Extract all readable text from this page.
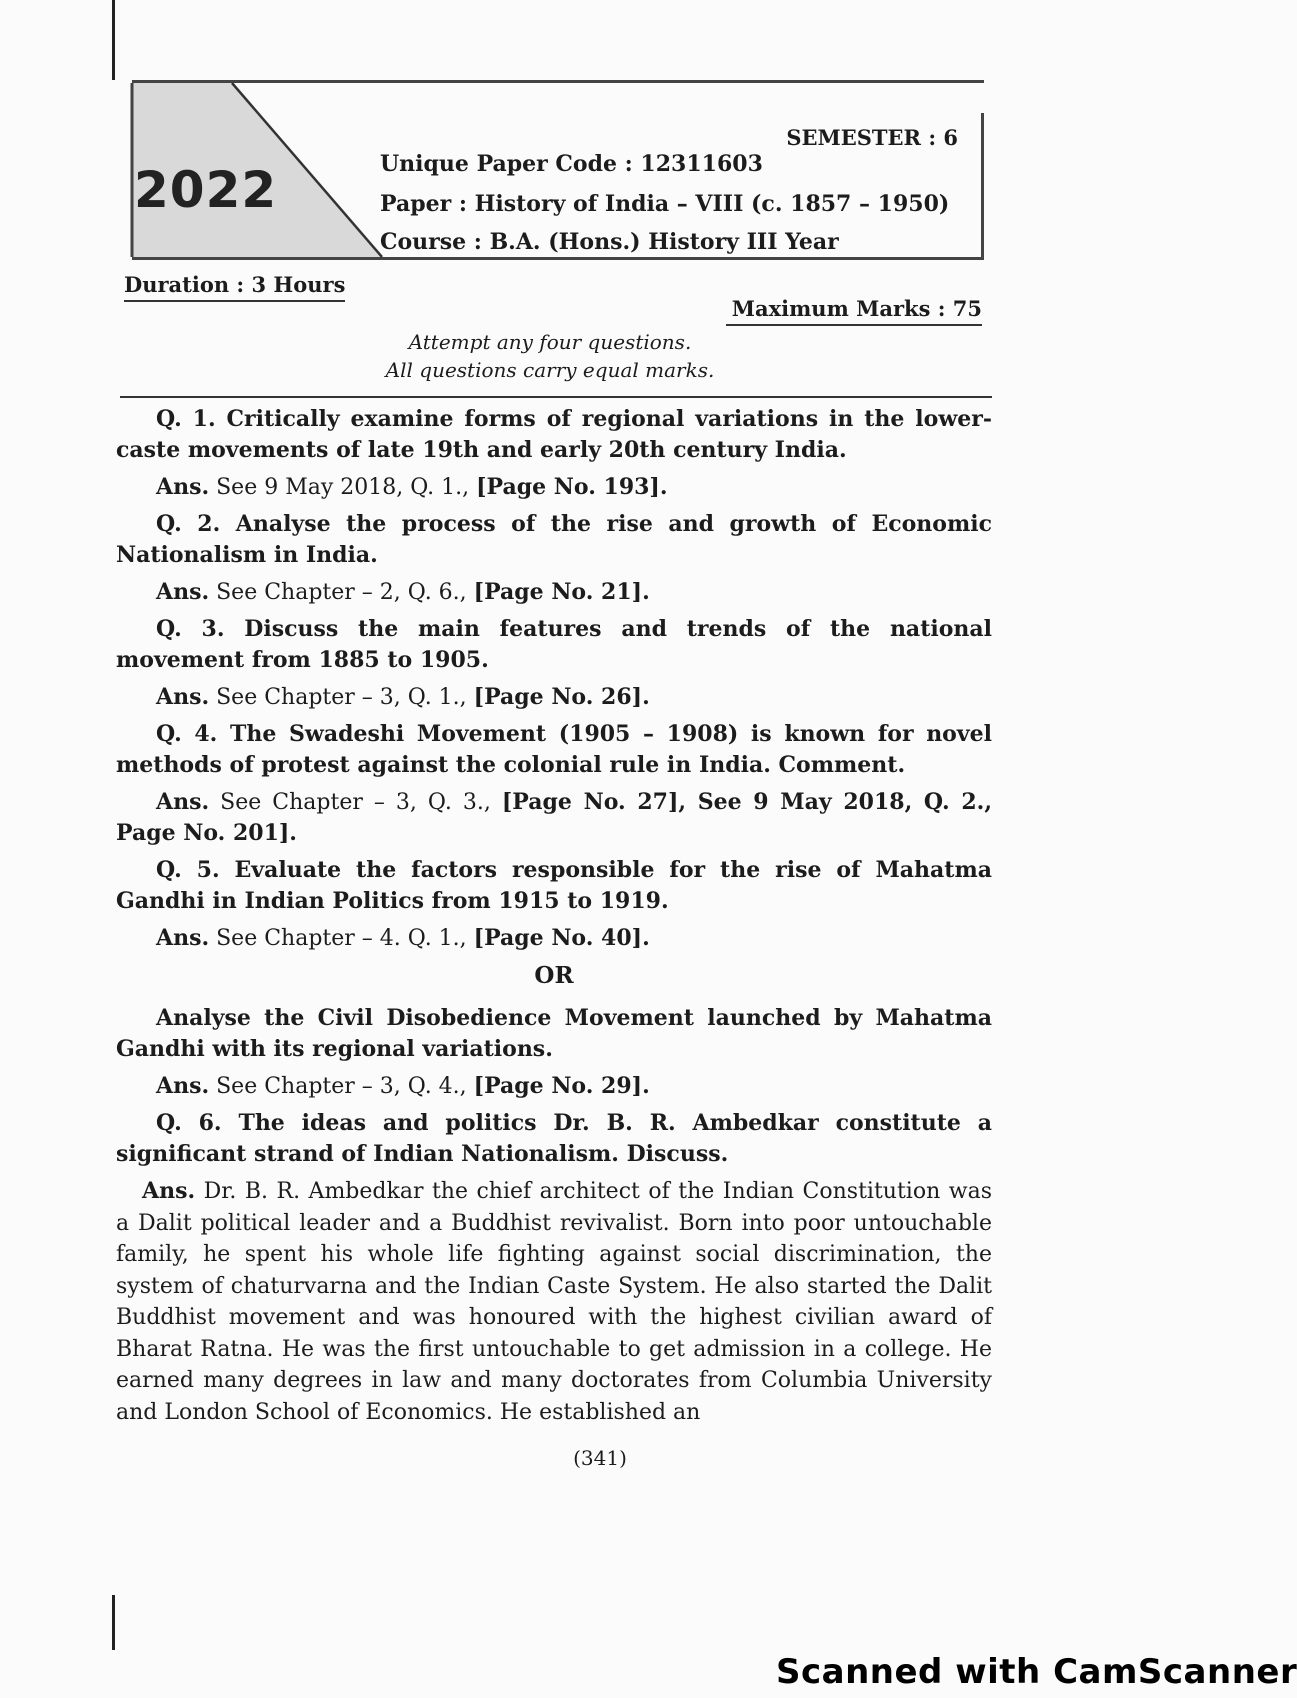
2022
SEMESTER : 6
Unique Paper Code : 12311603
Paper : History of India – VIII (c. 1857 – 1950)
Course : B.A. (Hons.) History III Year
Duration : 3 Hours
Maximum Marks : 75
Attempt any four questions.
All questions carry equal marks.

Q. 1. Critically examine forms of regional variations in the lower-caste movements of late 19th and early 20th century India.

Ans. See 9 May 2018, Q. 1., [Page No. 193].

Q. 2. Analyse the process of the rise and growth of Economic Nationalism in India.

Ans. See Chapter – 2, Q. 6., [Page No. 21].

Q. 3. Discuss the main features and trends of the national movement from 1885 to 1905.

Ans. See Chapter – 3, Q. 1., [Page No. 26].

Q. 4. The Swadeshi Movement (1905 – 1908) is known for novel methods of protest against the colonial rule in India. Comment.

Ans. See Chapter – 3, Q. 3., [Page No. 27], See 9 May 2018, Q. 2., Page No. 201].

Q. 5. Evaluate the factors responsible for the rise of Mahatma Gandhi in Indian Politics from 1915 to 1919.

Ans. See Chapter – 4. Q. 1., [Page No. 40].

OR

Analyse the Civil Disobedience Movement launched by Mahatma Gandhi with its regional variations.

Ans. See Chapter – 3, Q. 4., [Page No. 29].

Q. 6. The ideas and politics Dr. B. R. Ambedkar constitute a significant strand of Indian Nationalism. Discuss.

Ans. Dr. B. R. Ambedkar the chief architect of the Indian Constitution was a Dalit political leader and a Buddhist revivalist. Born into poor untouchable family, he spent his whole life fighting against social discrimination, the system of chaturvarna and the Indian Caste System. He also started the Dalit Buddhist movement and was honoured with the highest civilian award of Bharat Ratna. He was the first untouchable to get admission in a college. He earned many degrees in law and many doctorates from Columbia University and London School of Economics. He established an

(341)
Scanned with CamScanner
